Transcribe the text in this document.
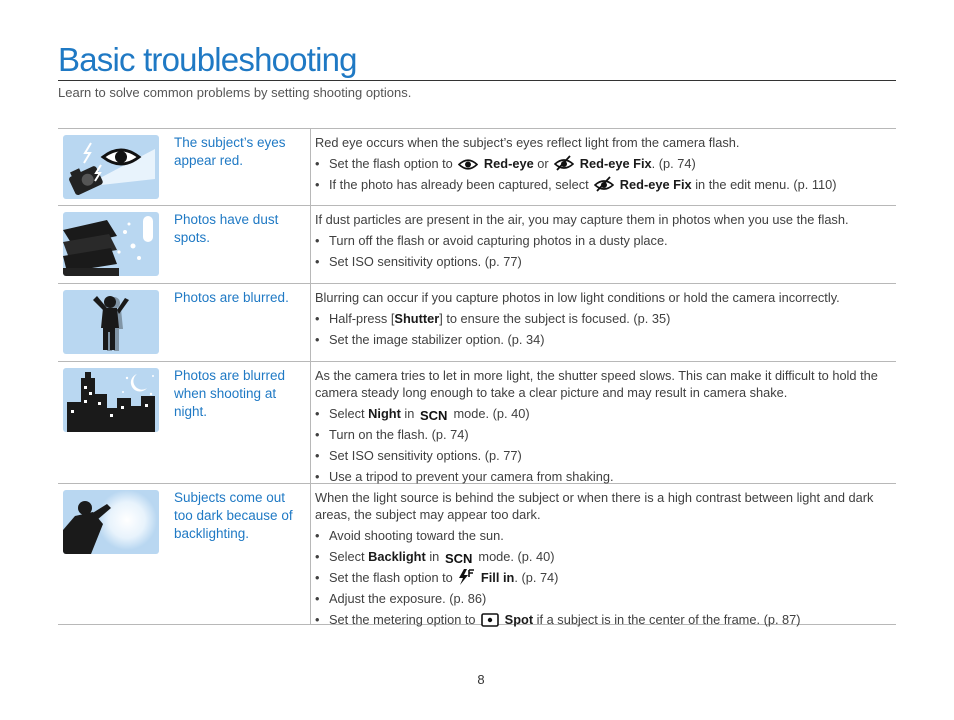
Basic troubleshooting

Learn to solve common problems by setting shooting options.

The subject’s eyes appear red.

Red eye occurs when the subject’s eyes reflect light from the camera flash.

• Set the flash option to Red-eye or Red-eye Fix. (p. 74)
• If the photo has already been captured, select Red-eye Fix in the edit menu. (p. 110)
Photos have dust spots.

If dust particles are present in the air, you may capture them in photos when you use the flash.

• Turn off the flash or avoid capturing photos in a dusty place.
• Set ISO sensitivity options. (p. 77)
Photos are blurred.	Blurring can occur if you capture photos in low light conditions or hold the camera incorrectly.

• Half-press [Shutter] to ensure the subject is focused. (p. 35)
• Set the image stabilizer option. (p. 34)
Photos are blurred when shooting at night.

As the camera tries to let in more light, the shutter speed slows. This can make it difficult to hold the camera steady long enough to take a clear picture and may result in camera shake.

• Select Night in SCN mode. (p. 40)
• Turn on the flash. (p. 74)
• Set ISO sensitivity options. (p. 77)
• Use a tripod to prevent your camera from shaking.
Subjects come out too dark because of backlighting.

When the light source is behind the subject or when there is a high contrast between light and dark areas, the subject may appear too dark.

• Avoid shooting toward the sun.
• Select Backlight in SCN mode. (p. 40)
• Set the flash option to Fill in. (p. 74)
• Adjust the exposure. (p. 86)
• Set the metering option to Spot if a subject is in the center of the frame. (p. 87)
8
